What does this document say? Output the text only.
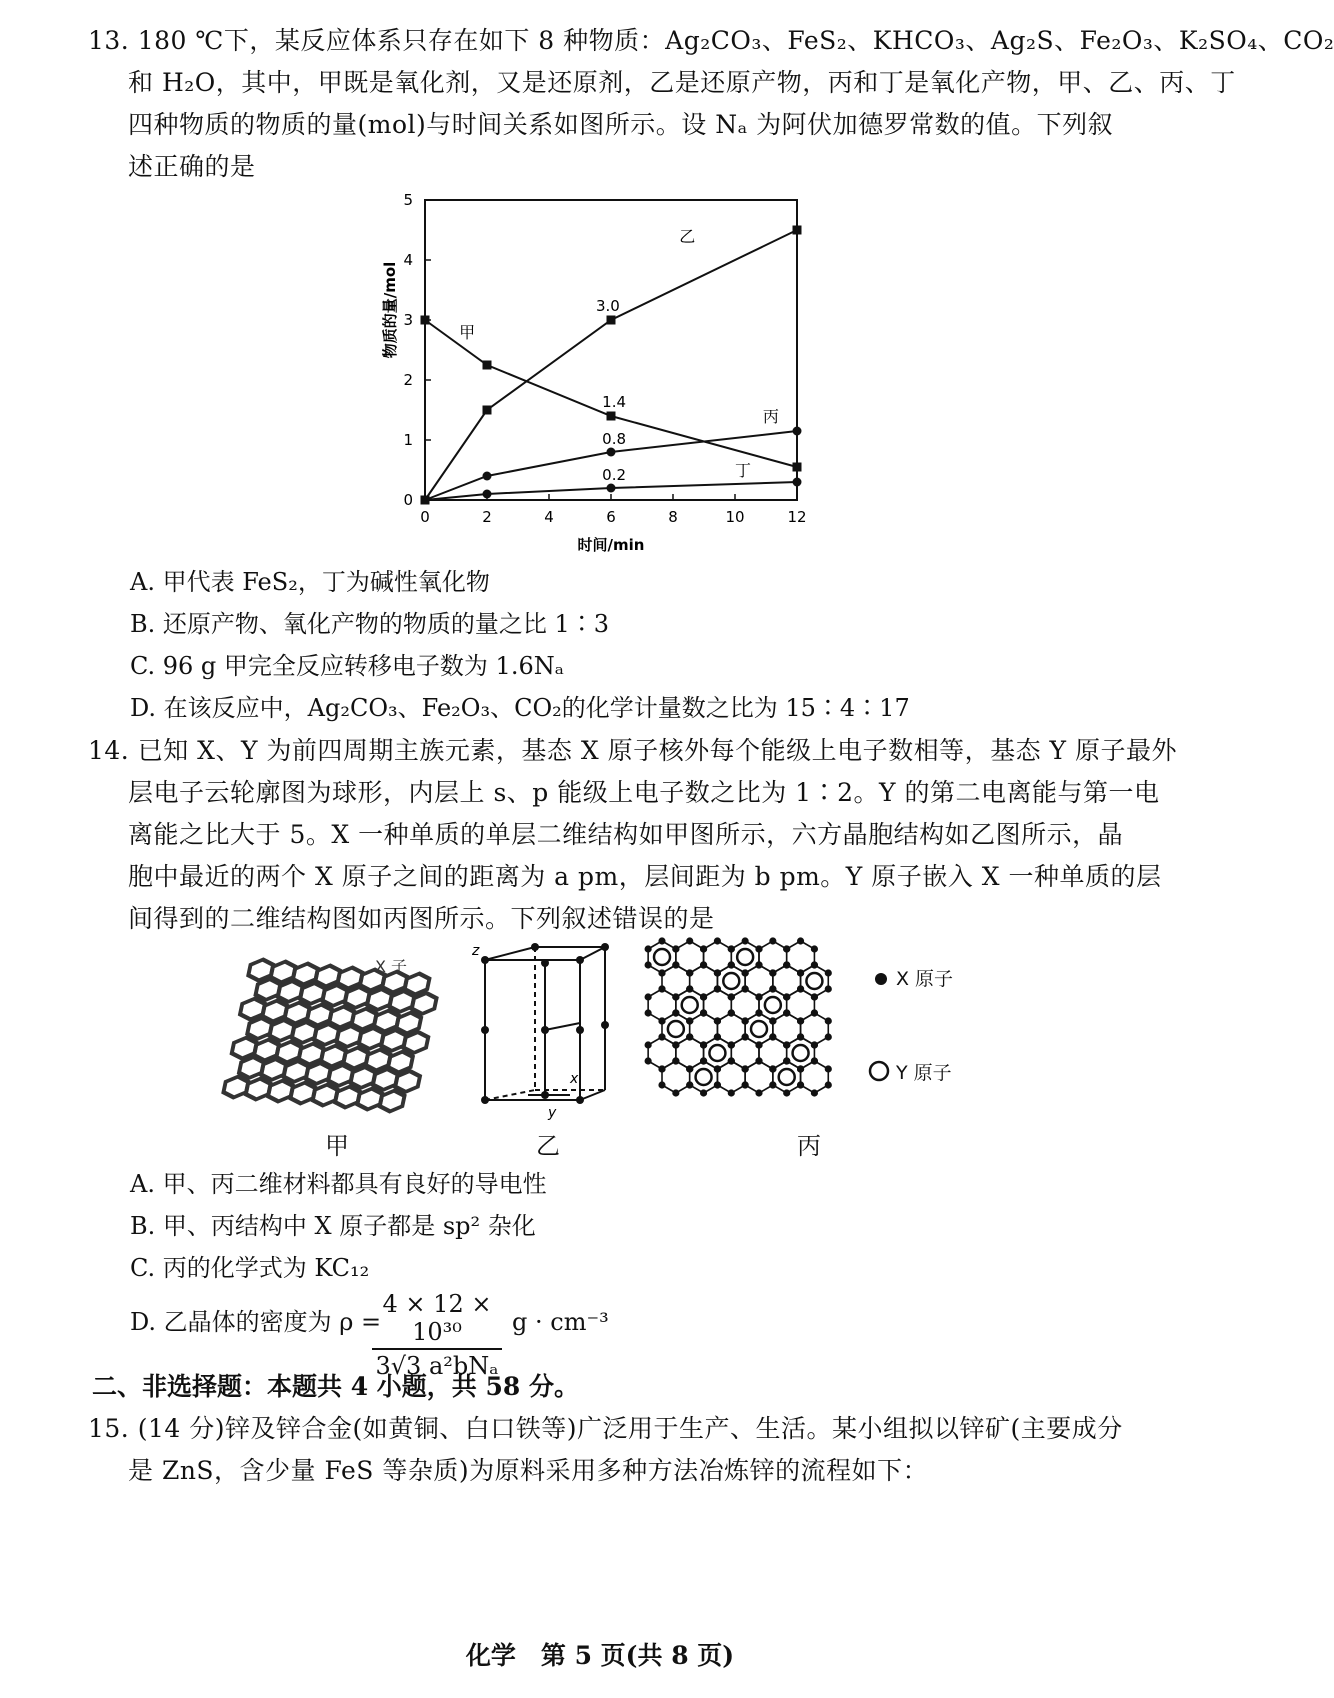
13. 180 ℃下，某反应体系只存在如下 8 种物质：Ag₂CO₃、FeS₂、KHCO₃、Ag₂S、Fe₂O₃、K₂SO₄、CO₂
和 H₂O，其中，甲既是氧化剂，又是还原剂，乙是还原产物，丙和丁是氧化产物，甲、乙、丙、丁
四种物质的物质的量(mol)与时间关系如图所示。设 Nₐ 为阿伏加德罗常数的值。下列叙
述正确的是
0	2	4	6	8	10	12
0
1
2
3
4
5
时间/min
物质的量/mol	甲
乙
丙
丁
3.0
1.4
0.8
0.2
A. 甲代表 FeS₂，丁为碱性氧化物
B. 还原产物、氧化产物的物质的量之比 1∶3
C. 96 g 甲完全反应转移电子数为 1.6Nₐ
D. 在该反应中，Ag₂CO₃、Fe₂O₃、CO₂的化学计量数之比为 15∶4∶17
14. 已知 X、Y 为前四周期主族元素，基态 X 原子核外每个能级上电子数相等，基态 Y 原子最外
层电子云轮廓图为球形，内层上 s、p 能级上电子数之比为 1∶2。Y 的第二电离能与第一电
离能之比大于 5。X 一种单质的单层二维结构如甲图所示，六方晶胞结构如乙图所示，晶
胞中最近的两个 X 原子之间的距离为 a pm，层间距为 b pm。Y 原子嵌入 X 一种单质的层
间得到的二维结构图如丙图所示。下列叙述错误的是
X 子
甲
z
x
y
乙	丙
X 原子
Y 原子
A. 甲、丙二维材料都具有良好的导电性
B. 甲、丙结构中 X 原子都是 sp² 杂化
C. 丙的化学式为 KC₁₂
D. 乙晶体的密度为 ρ =
4 × 12 × 10³⁰
3√3 a²bNₐ
g · cm⁻³
二、非选择题：本题共 4 小题，共 58 分。
15. (14 分)锌及锌合金(如黄铜、白口铁等)广泛用于生产、生活。某小组拟以锌矿(主要成分
是 ZnS，含少量 FeS 等杂质)为原料采用多种方法冶炼锌的流程如下：
化学　第 5 页(共 8 页)
